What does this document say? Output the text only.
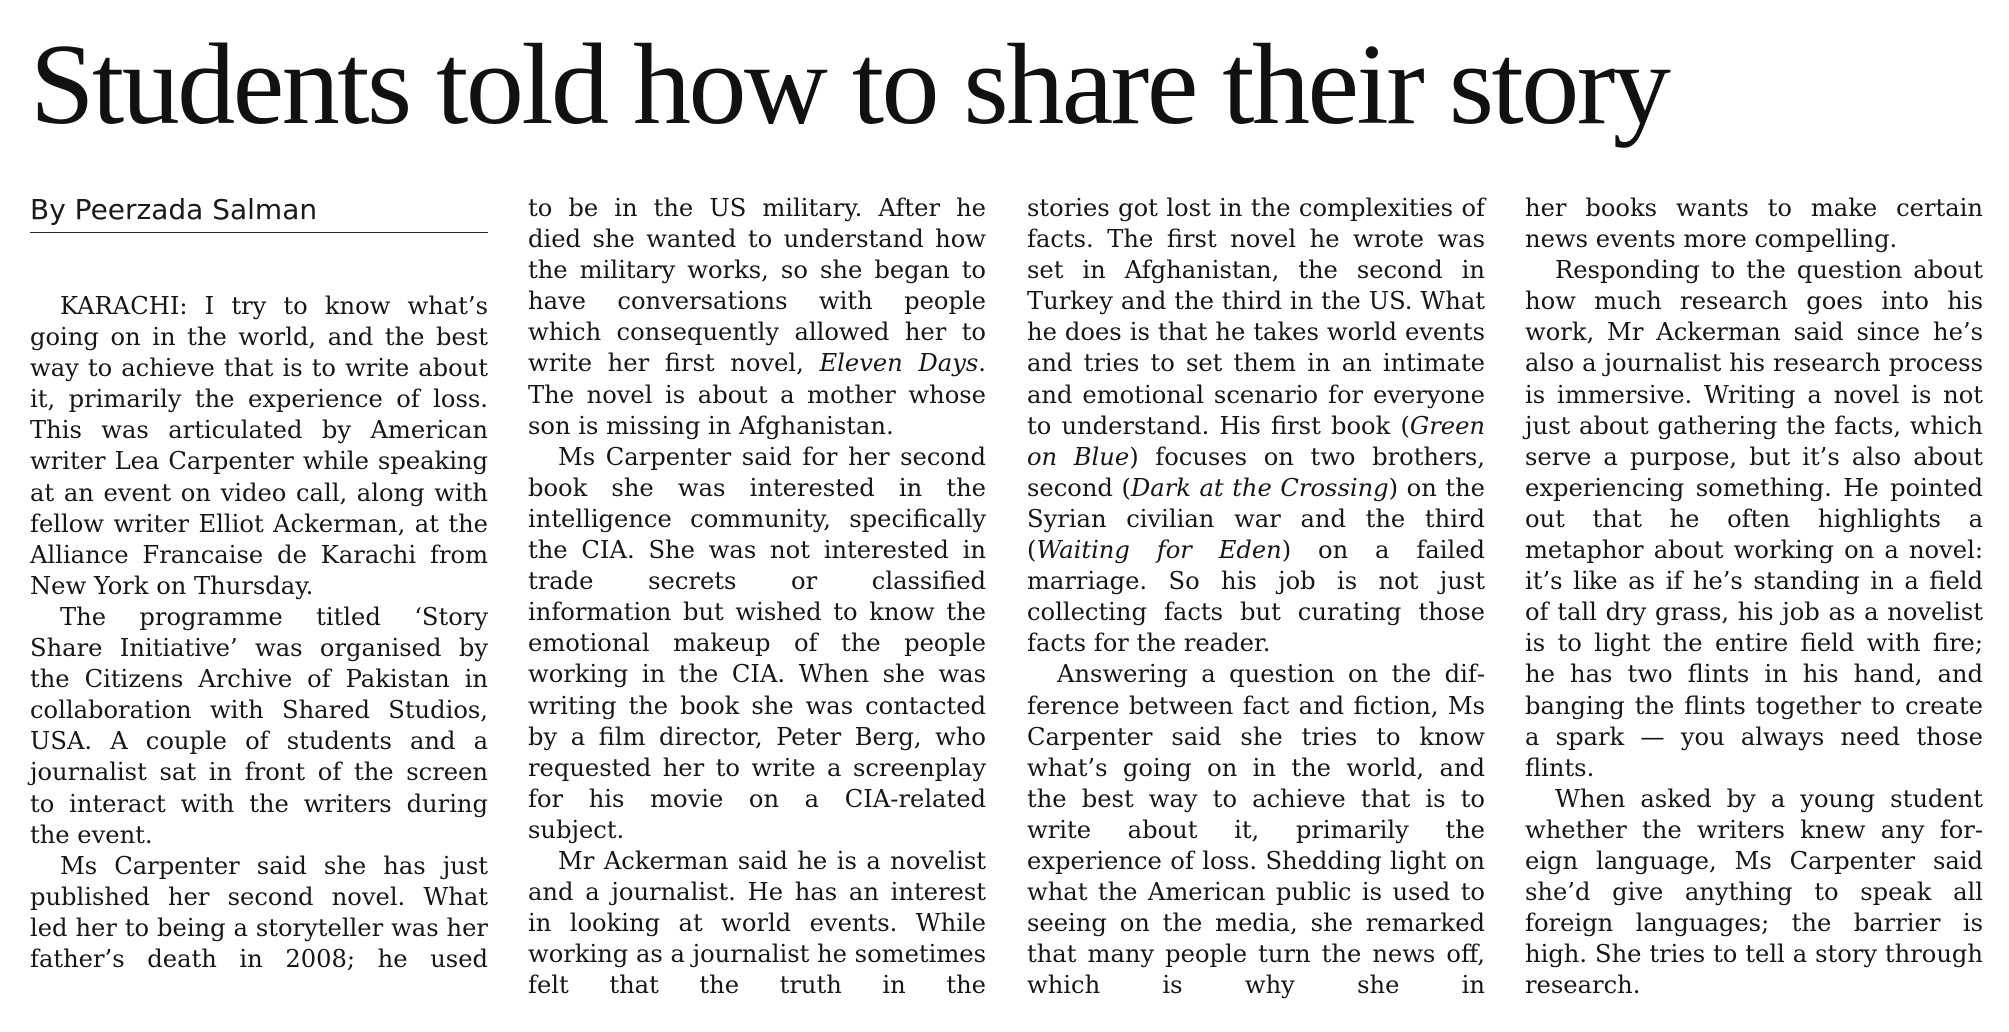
Students told how to share their story
By Peerzada Salman

KARACHI: I try to know what’s going on in the world, and the best way to achieve that is to write about it, primarily the experience of loss. This was articulated by American writer Lea Carpenter while speaking at an event on video call, along with fellow writer Elliot Ackerman, at the Alliance Francaise de Karachi from New York on Thursday.

The programme titled ‘Story Share Initiative’ was organised by the Citizens Archive of Pakistan in collaboration with Shared Studios, USA. A couple of students and a journalist sat in front of the screen to interact with the writers during the event.

Ms Carpenter said she has just published her second novel. What led her to being a storyteller was her father’s death in 2008; he used

to be in the US military. After he died she wanted to understand how the military works, so she began to have conversations with people which consequently allowed her to write her first novel, Eleven Days. The novel is about a mother whose son is missing in Afghanistan.

Ms Carpenter said for her second book she was interested in the intelligence community, specifically the CIA. She was not interested in trade secrets or classified information but wished to know the emotional makeup of the people working in the CIA. When she was writing the book she was contacted by a film director, Peter Berg, who requested her to write a screenplay for his movie on a CIA-related subject.

Mr Ackerman said he is a novelist and a journalist. He has an interest in looking at world events. While working as a journalist he sometimes felt that the truth in the

stories got lost in the complexities of facts. The first novel he wrote was set in Afghanistan, the second in Turkey and the third in the US. What he does is that he takes world events and tries to set them in an intimate and emotional scenario for everyone to understand. His first book (Green on Blue) focuses on two brothers, second (Dark at the Crossing) on the Syrian civilian war and the third (Waiting for Eden) on a failed marriage. So his job is not just collecting facts but curating those facts for the reader.

Answering a question on the difference between fact and fiction, Ms Carpenter said she tries to know what’s going on in the world, and the best way to achieve that is to write about it, primarily the experience of loss. Shedding light on what the American public is used to seeing on the media, she remarked that many people turn the news off, which is why she in

her books wants to make certain news events more compelling.

Responding to the question about how much research goes into his work, Mr Ackerman said since he’s also a journalist his research process is immersive. Writing a novel is not just about gathering the facts, which serve a purpose, but it’s also about experiencing something. He pointed out that he often highlights a metaphor about working on a novel: it’s like as if he’s standing in a field of tall dry grass, his job as a novelist is to light the entire field with fire; he has two flints in his hand, and banging the flints together to create a spark — you always need those flints.

When asked by a young student whether the writers knew any foreign language, Ms Carpenter said she’d give anything to speak all foreign languages; the barrier is high. She tries to tell a story through research.
